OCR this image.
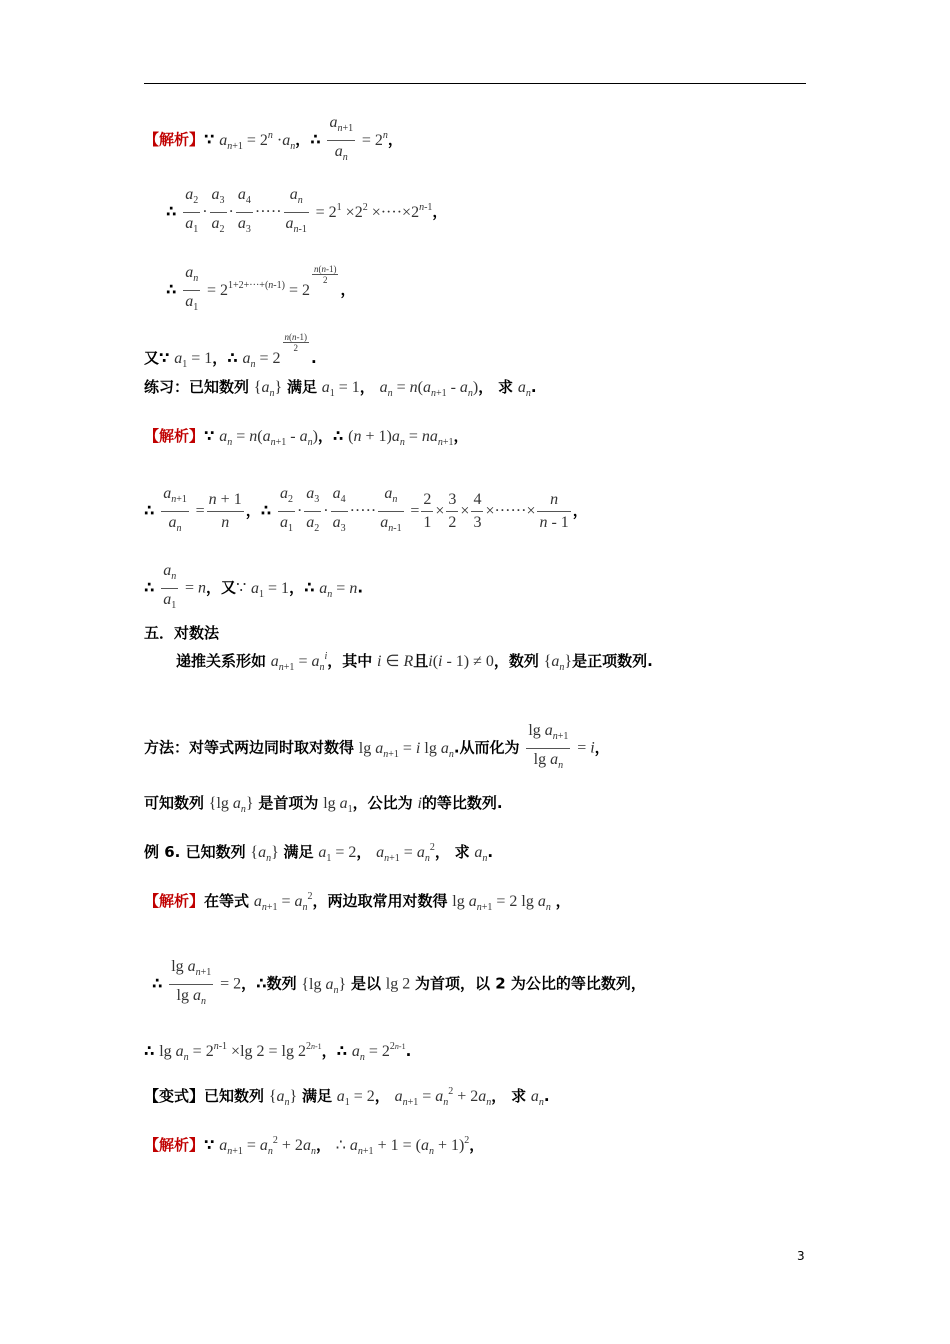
【解析】∵ $a_{n+1} = 2^n \cdot a_n$，∴ $\frac{a_{n+1}}{a_n} = 2^n$，
∴ $\frac{a_2}{a_1} \cdot \frac{a_3}{a_2} \cdot \frac{a_4}{a_3}$ ····· $\frac{a_n}{a_{n-1}} = 2^1 \times 2^2 \times\cdot\cdot\cdot\cdot\times 2^{n-1}$，
∴ $\frac{a_n}{a_1} = 2^{1+2+\cdot\cdot\cdot+(n-1)} = 2$
$\frac{n(n-1)}{2}$
，
又∵ $a_1 = 1$，∴ $a_n = 2$
$\frac{n(n-1)}{2}$
.
练习：已知数列 $\{a_n\}$ 满足 $a_1 = 1$， $a_n = n(a_{n+1} - a_n)$， 求 $a_n$.
【解析】∵ $a_n = n(a_{n+1} - a_n)$，∴ $(n + 1)a_n = na_{n+1}$，
∴ $\frac{a_{n+1}}{a_n} = \frac{n + 1}{n}$ ，∴ $\frac{a_2}{a_1} \cdot \frac{a_3}{a_2} \cdot \frac{a_4}{a_3}$ ····· $\frac{a_n}{a_{n-1}} = \frac{2}{1} \times \frac{3}{2} \times \frac{4}{3}$ ×······× $\frac{n}{n - 1}$ ，
∴ $\frac{a_n}{a_1} = n$，又∵ $a_1 = 1$，∴ $a_n = n$.
五．对数法
递推关系形如 $a_{n+1} = a_n^i$，其中 i ∈ R且i(i - 1) ≠ 0，数列 $\{a_n\}$是正项数列.
方法：对等式两边同时取对数得 $\lg a_{n+1} = i$ $\lg a_n$.从而化为 $\frac{\lg a_{n+1}}{\lg a_n} = i$，
可知数列 {lg $a_n$} 是首项为 $\lg a_1$，公比为 i的等比数列.
例 6. 已知数列 $\{a_n\}$ 满足 $a_1 = 2$， $a_{n+1} = a_n^2$， 求 $a_n$.
【解析】在等式 $a_{n+1} = a_n^2$，两边取常用对数得 $\lg a_{n+1} = 2$ $\lg a_n$ ，
∴ $\frac{\lg a_{n+1}}{\lg a_n} = 2$，∴数列 {lg $a_n$} 是以 lg 2 为首项，以 2 为公比的等比数列，
∴ $\lg a_n = 2^{n-1} \times\lg$ $2 = \lg 2^{2n-1}$，∴ $a_n = 2^{2n-1}$.
【变式】已知数列 $\{a_n\}$ 满足 $a_1 = 2$， $a_{n+1} = a_n^2 + 2a_n$， 求 $a_n$.
【解析】∵ $a_{n+1} = a_n^2 + 2a_n$， ∴ $a_{n+1} + 1 = (a_n + 1)^2$，
3
